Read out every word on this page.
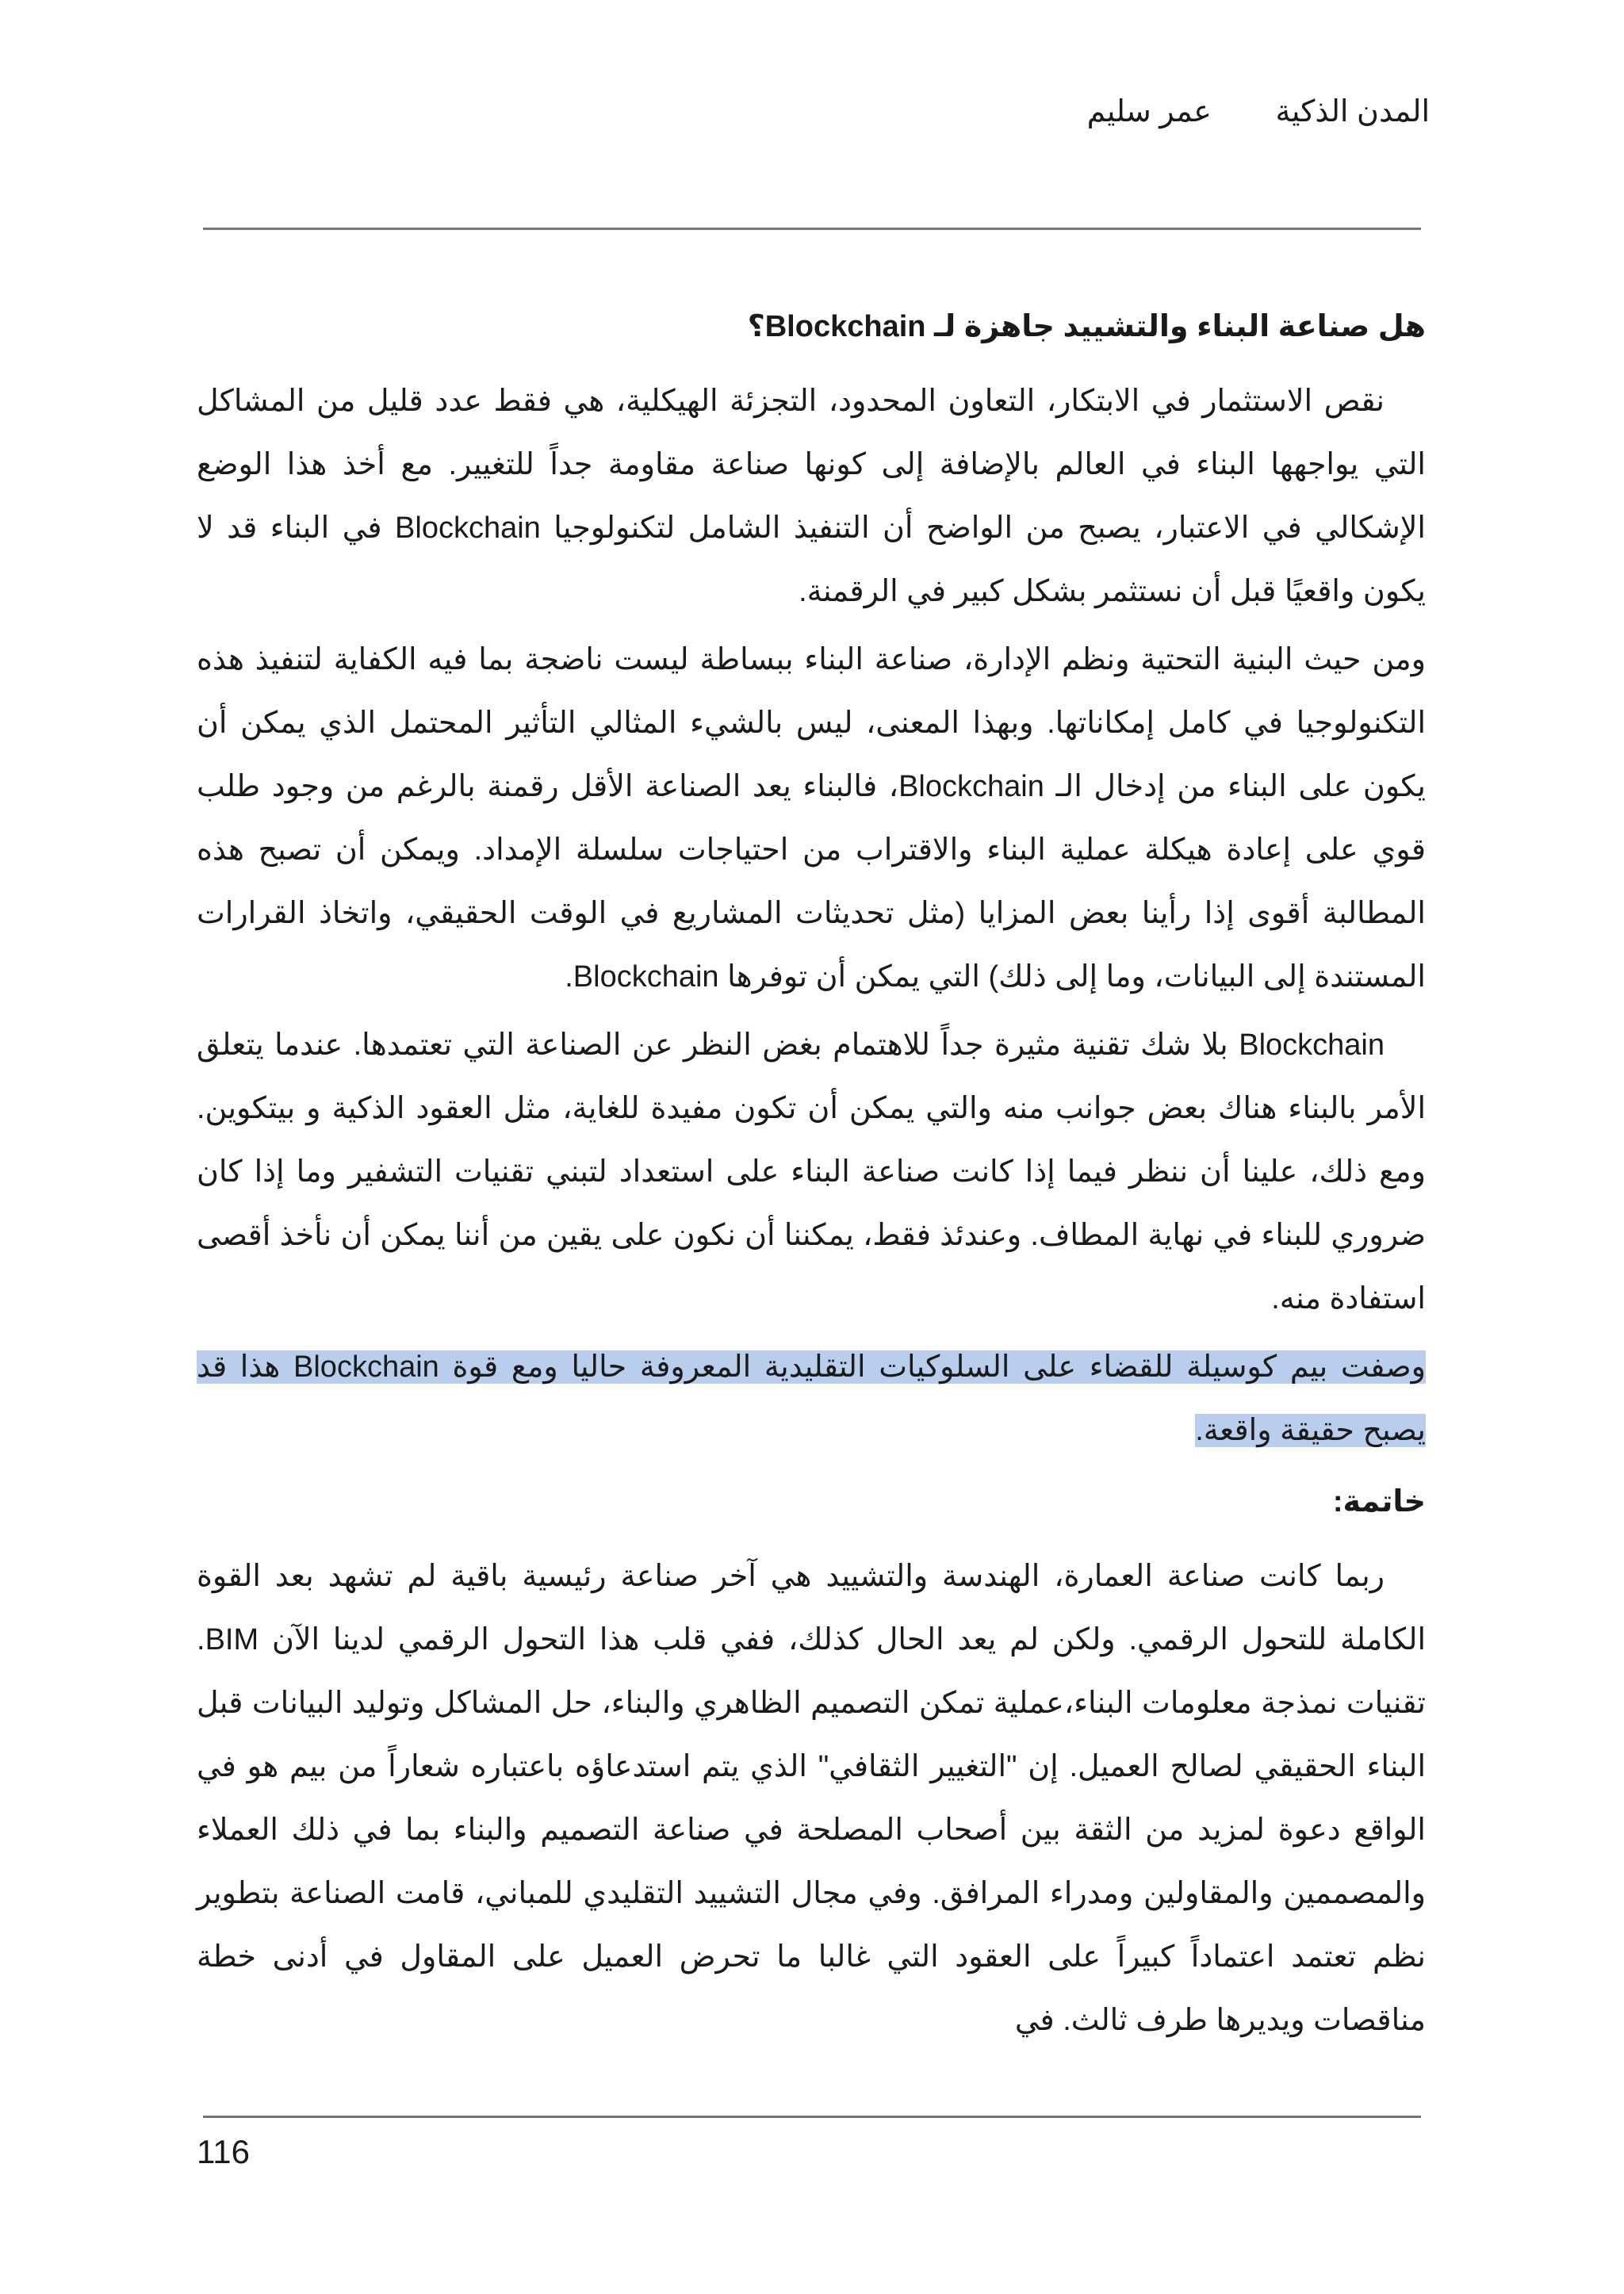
المدن الذكية عمر سليم
هل صناعة البناء والتشييد جاهزة لـ Blockchain؟

نقص الاستثمار في الابتكار، التعاون المحدود، التجزئة الهيكلية، هي فقط عدد قليل من المشاكل التي يواجهها البناء في العالم بالإضافة إلى كونها صناعة مقاومة جداً للتغيير. مع أخذ هذا الوضع الإشكالي في الاعتبار، يصبح من الواضح أن التنفيذ الشامل لتكنولوجيا Blockchain في البناء قد لا يكون واقعيًا قبل أن نستثمر بشكل كبير في الرقمنة.

ومن حيث البنية التحتية ونظم الإدارة، صناعة البناء ببساطة ليست ناضجة بما فيه الكفاية لتنفيذ هذه التكنولوجيا في كامل إمكاناتها. وبهذا المعنى، ليس بالشيء المثالي التأثير المحتمل الذي يمكن أن يكون على البناء من إدخال الـ Blockchain، فالبناء يعد الصناعة الأقل رقمنة بالرغم من وجود طلب قوي على إعادة هيكلة عملية البناء والاقتراب من احتياجات سلسلة الإمداد. ويمكن أن تصبح هذه المطالبة أقوى إذا رأينا بعض المزايا (مثل تحديثات المشاريع في الوقت الحقيقي، واتخاذ القرارات المستندة إلى البيانات، وما إلى ذلك) التي يمكن أن توفرها Blockchain.

Blockchain بلا شك تقنية مثيرة جداً للاهتمام بغض النظر عن الصناعة التي تعتمدها. عندما يتعلق الأمر بالبناء هناك بعض جوانب منه والتي يمكن أن تكون مفيدة للغاية، مثل العقود الذكية و بيتكوين. ومع ذلك، علينا أن ننظر فيما إذا كانت صناعة البناء على استعداد لتبني تقنيات التشفير وما إذا كان ضروري للبناء في نهاية المطاف. وعندئذ فقط، يمكننا أن نكون على يقين من أننا يمكن أن نأخذ أقصى استفادة منه.

وصفت بيم كوسيلة للقضاء على السلوكيات التقليدية المعروفة حاليا ومع قوة Blockchain هذا قد يصبح حقيقة واقعة.

خاتمة:

ربما كانت صناعة العمارة، الهندسة والتشييد هي آخر صناعة رئيسية باقية لم تشهد بعد القوة الكاملة للتحول الرقمي. ولكن لم يعد الحال كذلك، ففي قلب هذا التحول الرقمي لدينا الآن BIM. تقنيات نمذجة معلومات البناء،عملية تمكن التصميم الظاهري والبناء، حل المشاكل وتوليد البيانات قبل البناء الحقيقي لصالح العميل. إن "التغيير الثقافي" الذي يتم استدعاؤه باعتباره شعاراً من بيم هو في الواقع دعوة لمزيد من الثقة بين أصحاب المصلحة في صناعة التصميم والبناء بما في ذلك العملاء والمصممين والمقاولين ومدراء المرافق. وفي مجال التشييد التقليدي للمباني، قامت الصناعة بتطوير نظم تعتمد اعتماداً كبيراً على العقود التي غالبا ما تحرض العميل على المقاول في أدنى خطة مناقصات ويديرها طرف ثالث. في

116
